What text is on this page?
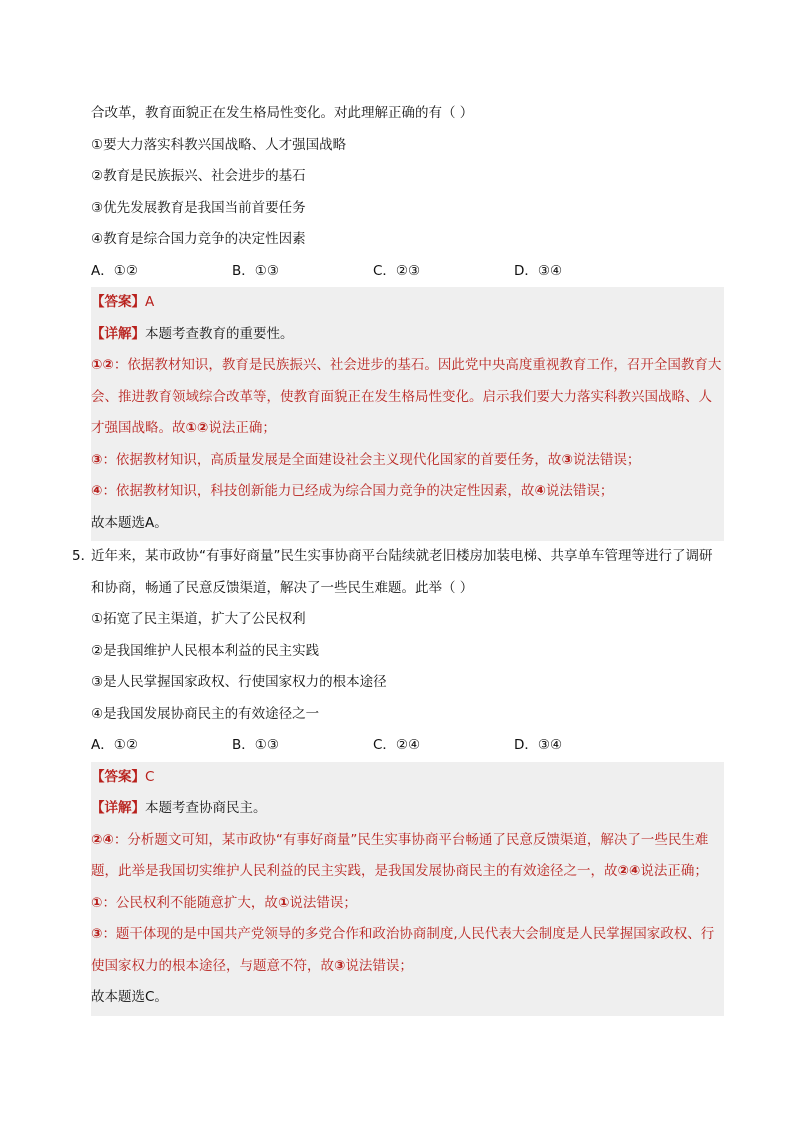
合改革，教育面貌正在发生格局性变化。对此理解正确的有（ ）
①要大力落实科教兴国战略、人才强国战略
②教育是民族振兴、社会进步的基石
③优先发展教育是我国当前首要任务
④教育是综合国力竞争的决定性因素
A．①②	B．①③	C．②③	D．③④
【答案】A
【详解】本题考查教育的重要性。
①②：依据教材知识，教育是民族振兴、社会进步的基石。因此党中央高度重视教育工作，召开全国教育大会、推进教育领域综合改革等，使教育面貌正在发生格局性变化。启示我们要大力落实科教兴国战略、人才强国战略。故①②说法正确；
③：依据教材知识，高质量发展是全面建设社会主义现代化国家的首要任务，故③说法错误；
④：依据教材知识，科技创新能力已经成为综合国力竞争的决定性因素，故④说法错误；
故本题选A。
5．
近年来，某市政协“有事好商量”民生实事协商平台陆续就老旧楼房加装电梯、共享单车管理等进行了调研和协商，畅通了民意反馈渠道，解决了一些民生难题。此举（ ）
①拓宽了民主渠道，扩大了公民权利
②是我国维护人民根本利益的民主实践
③是人民掌握国家政权、行使国家权力的根本途径
④是我国发展协商民主的有效途径之一
A．①②	B．①③	C．②④	D．③④
【答案】C
【详解】本题考查协商民主。
②④：分析题文可知，某市政协“有事好商量”民生实事协商平台畅通了民意反馈渠道，解决了一些民生难题，此举是我国切实维护人民利益的民主实践，是我国发展协商民主的有效途径之一，故②④说法正确；
①：公民权利不能随意扩大，故①说法错误；
③：题干体现的是中国共产党领导的多党合作和政治协商制度,人民代表大会制度是人民掌握国家政权、行使国家权力的根本途径，与题意不符，故③说法错误；
故本题选C。
